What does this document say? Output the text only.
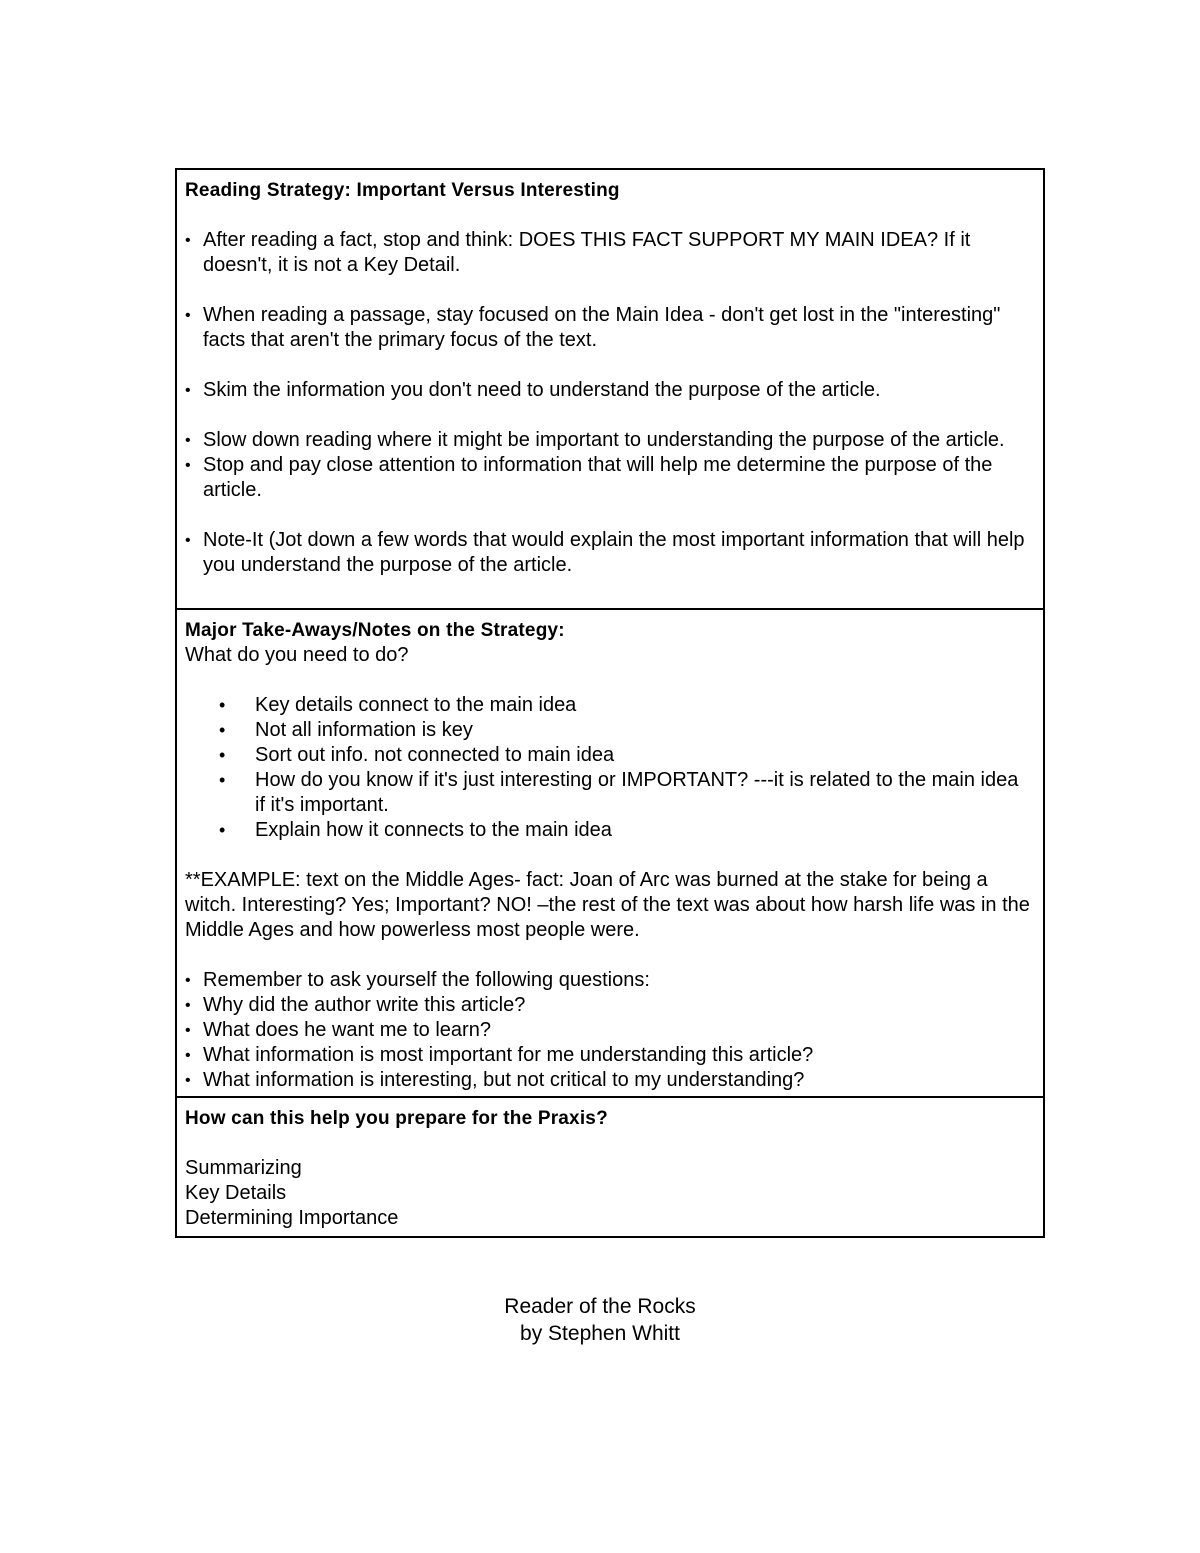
Reading Strategy: Important Versus Interesting
• After reading a fact, stop and think: DOES THIS FACT SUPPORT MY MAIN IDEA? If it doesn't, it is not a Key Detail.
• When reading a passage, stay focused on the Main Idea - don't get lost in the "interesting" facts that aren't the primary focus of the text.
• Skim the information you don't need to understand the purpose of the article.
• Slow down reading where it might be important to understanding the purpose of the article.
• Stop and pay close attention to information that will help me determine the purpose of the article.
• Note-It (Jot down a few words that would explain the most important information that will help you understand the purpose of the article.
Major Take-Aways/Notes on the Strategy:
What do you need to do?
•	Key details connect to the main idea
•	Not all information is key
•	Sort out info. not connected to main idea
•	How do you know if it's just interesting or IMPORTANT? ---it is related to the main idea if it's important.
•	Explain how it connects to the main idea
**EXAMPLE: text on the Middle Ages- fact: Joan of Arc was burned at the stake for being a witch. Interesting? Yes; Important? NO! –the rest of the text was about how harsh life was in the Middle Ages and how powerless most people were.
• Remember to ask yourself the following questions:
• Why did the author write this article?
• What does he want me to learn?
• What information is most important for me understanding this article?
• What information is interesting, but not critical to my understanding?
How can this help you prepare for the Praxis?
Summarizing
Key Details
Determining Importance
Reader of the Rocks
by Stephen Whitt
